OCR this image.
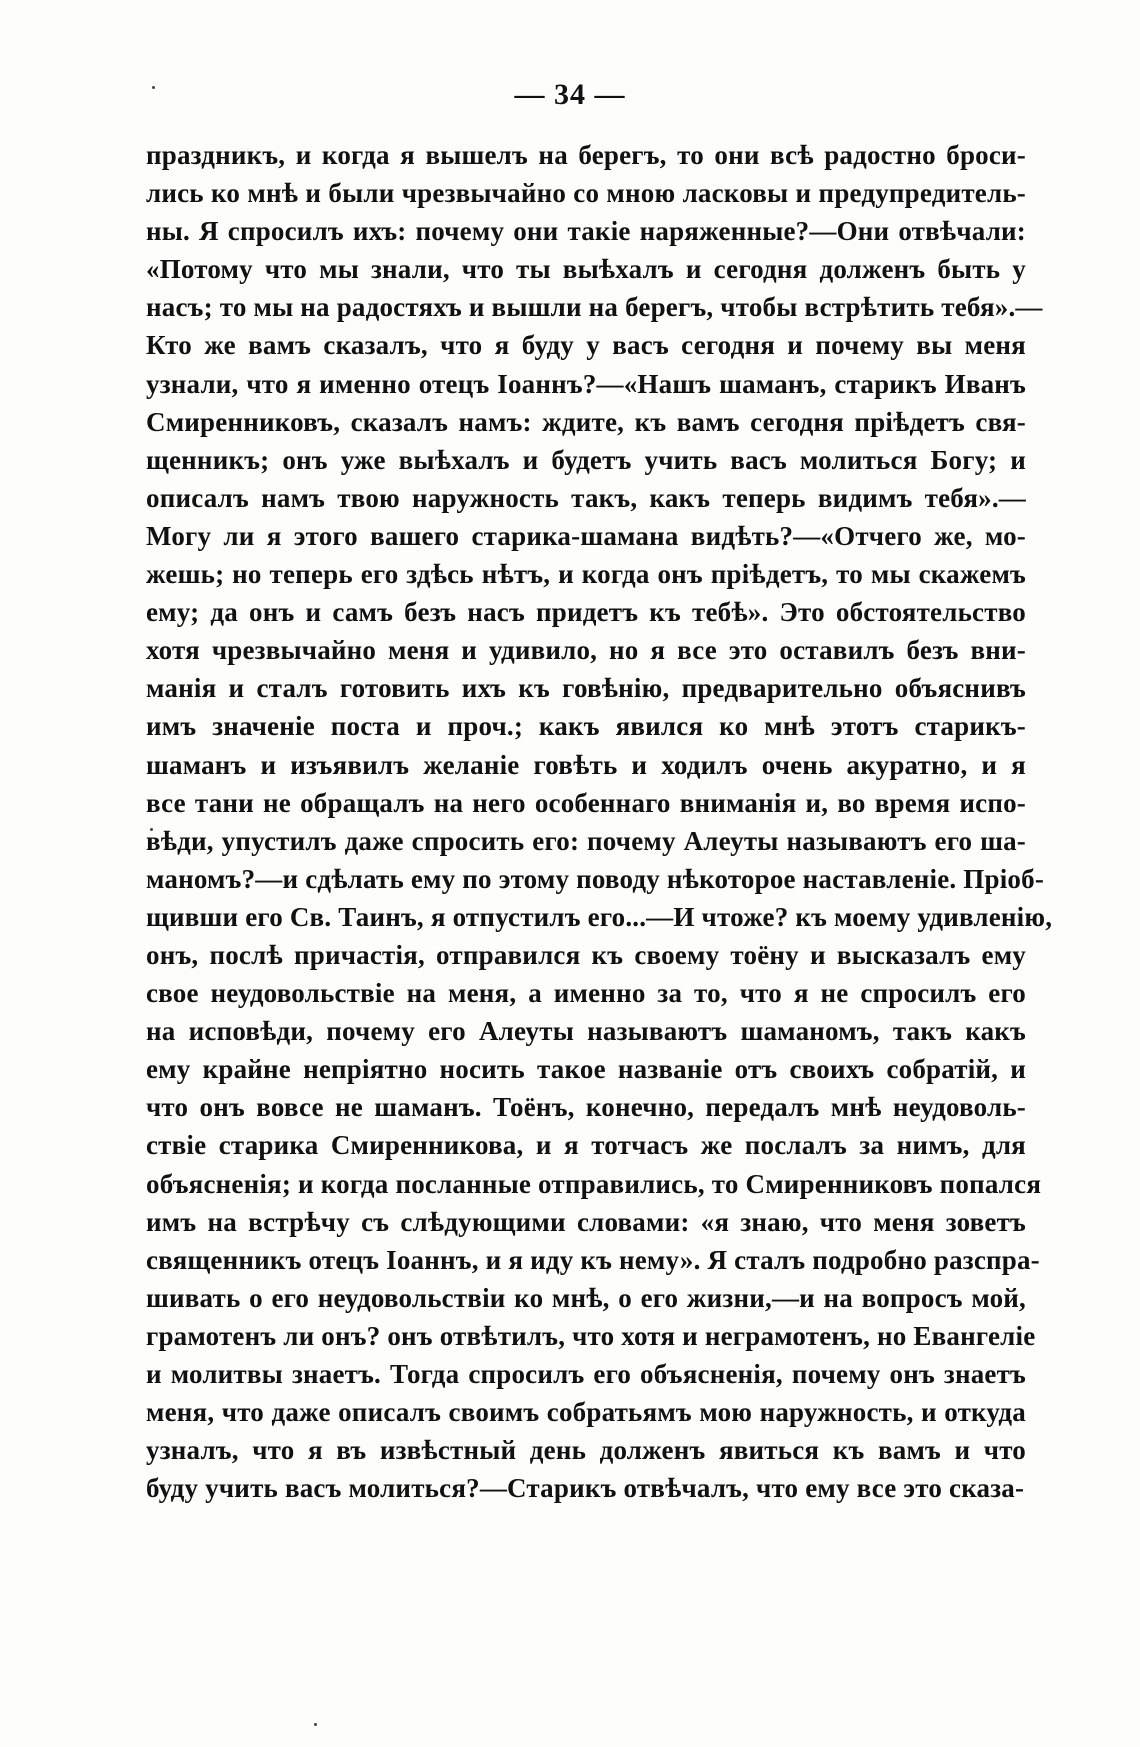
— 34 —
праздникъ, и когда я вышелъ на берегъ, то они всѣ радостно броси-
лись ко мнѣ и были чрезвычайно со мною ласковы и предупредитель-
ны. Я спросилъ ихъ: почему они такіе наряженные?—Они отвѣчали:
«Потому что мы знали, что ты выѣхалъ и сегодня долженъ быть у
насъ; то мы на радостяхъ и вышли на берегъ, чтобы встрѣтить тебя».—
Кто же вамъ сказалъ, что я буду у васъ сегодня и почему вы меня
узнали, что я именно отецъ Іоаннъ?—«Нашъ шаманъ, старикъ Иванъ
Смиренниковъ, сказалъ намъ: ждите, къ вамъ сегодня пріѣдетъ свя-
щенникъ; онъ уже выѣхалъ и будетъ учить васъ молиться Богу; и
описалъ намъ твою наружность такъ, какъ теперь видимъ тебя».—
Могу ли я этого вашего старика-шамана видѣть?—«Отчего же, мо-
жешь; но теперь его здѣсь нѣтъ, и когда онъ пріѣдетъ, то мы скажемъ
ему; да онъ и самъ безъ насъ придетъ къ тебѣ». Это обстоятельство
хотя чрезвычайно меня и удивило, но я все это оставилъ безъ вни-
манія и сталъ готовить ихъ къ говѣнію, предварительно объяснивъ
имъ значеніе поста и проч.; какъ явился ко мнѣ этотъ старикъ-
шаманъ и изъявилъ желаніе говѣть и ходилъ очень акуратно, и я
все тани не обращалъ на него особеннаго вниманія и, во время испо-
вѣди, упустилъ даже спросить его: почему Алеуты называютъ его ша-
маномъ?—и сдѣлать ему по этому поводу нѣкоторое наставленіе. Пріоб-
щивши его Св. Таинъ, я отпустилъ его...—И чтоже? къ моему удивленію,
онъ, послѣ причастія, отправился къ своему тоёну и высказалъ ему
свое неудовольствіе на меня, а именно за то, что я не спросилъ его
на исповѣди, почему его Алеуты называютъ шаманомъ, такъ какъ
ему крайне непріятно носить такое названіе отъ своихъ собратій, и
что онъ вовсе не шаманъ. Тоёнъ, конечно, передалъ мнѣ неудоволь-
ствіе старика Смиренникова, и я тотчасъ же послалъ за нимъ, для
объясненія; и когда посланные отправились, то Смиренниковъ попался
имъ на встрѣчу съ слѣдующими словами: «я знаю, что меня зоветъ
священникъ отецъ Іоаннъ, и я иду къ нему». Я сталъ подробно разспра-
шивать о его неудовольствіи ко мнѣ, о его жизни,—и на вопросъ мой,
грамотенъ ли онъ? онъ отвѣтилъ, что хотя и неграмотенъ, но Евангеліе
и молитвы знаетъ. Тогда спросилъ его объясненія, почему онъ знаетъ
меня, что даже описалъ своимъ собратьямъ мою наружность, и откуда
узналъ, что я въ извѣстный день долженъ явиться къ вамъ и что
буду учить васъ молиться?—Старикъ отвѣчалъ, что ему все это сказа-
